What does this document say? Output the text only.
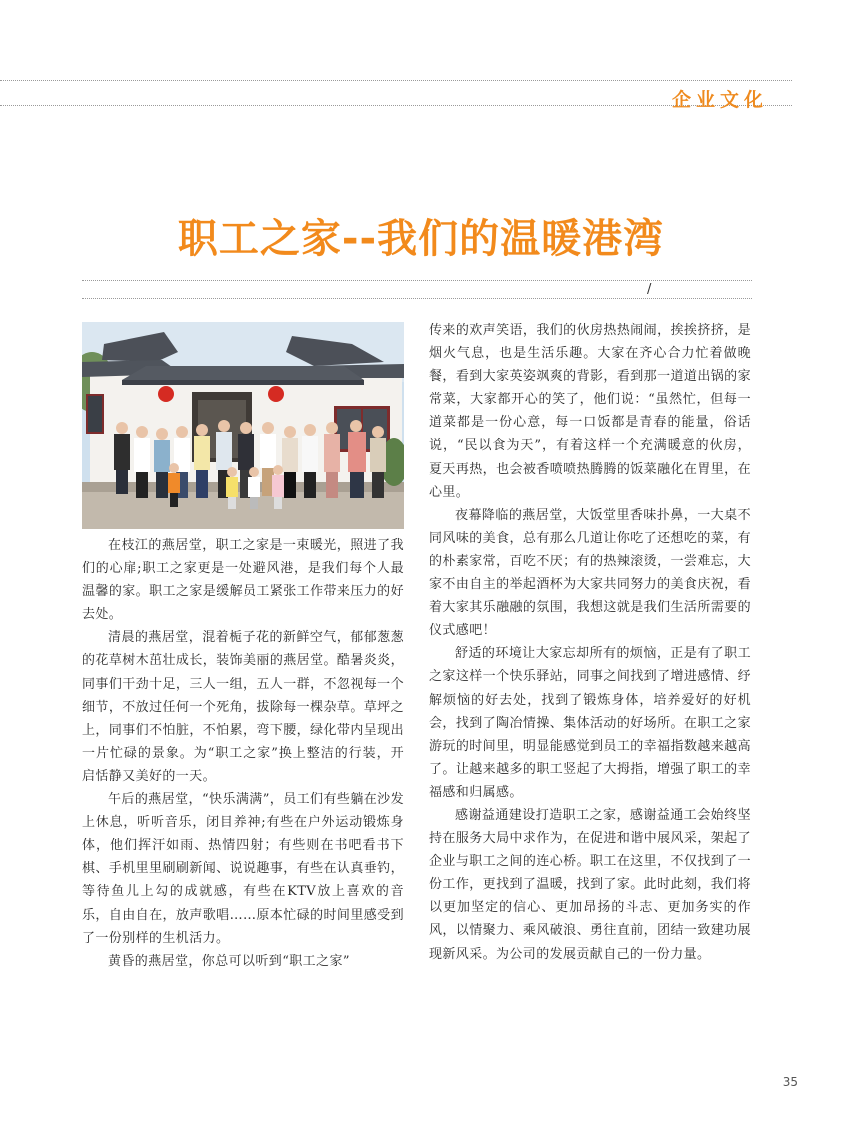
企业文化
职工之家--我们的温暖港湾
/

在枝江的燕居堂，职工之家是一束暖光，照进了我们的心扉;职工之家更是一处避风港，是我们每个人最温馨的家。职工之家是缓解员工紧张工作带来压力的好去处。

清晨的燕居堂，混着栀子花的新鲜空气，郁郁葱葱的花草树木茁壮成长，装饰美丽的燕居堂。酷暑炎炎，同事们干劲十足，三人一组，五人一群，不忽视每一个细节，不放过任何一个死角，拔除每一棵杂草。草坪之上，同事们不怕脏，不怕累，弯下腰，绿化带内呈现出一片忙碌的景象。为“职工之家”换上整洁的行装，开启恬静又美好的一天。

午后的燕居堂，“快乐满满”，员工们有些躺在沙发上休息，听听音乐，闭目养神;有些在户外运动锻炼身体，他们挥汗如雨、热情四射；有些则在书吧看书下棋、手机里里刷刷新闻、说说趣事，有些在认真垂钓，等待鱼儿上勾的成就感，有些在KTV放上喜欢的音乐，自由自在，放声歌唱……原本忙碌的时间里感受到了一份别样的生机活力。

黄昏的燕居堂，你总可以听到“职工之家”

传来的欢声笑语，我们的伙房热热闹闹，挨挨挤挤，是烟火气息，也是生活乐趣。大家在齐心合力忙着做晚餐，看到大家英姿飒爽的背影，看到那一道道出锅的家常菜，大家都开心的笑了，他们说：“虽然忙，但每一道菜都是一份心意，每一口饭都是青春的能量，俗话说，“民以食为天”，有着这样一个充满暖意的伙房，夏天再热，也会被香喷喷热腾腾的饭菜融化在胃里，在心里。

夜幕降临的燕居堂，大饭堂里香味扑鼻，一大桌不同风味的美食，总有那么几道让你吃了还想吃的菜，有的朴素家常，百吃不厌；有的热辣滚烫，一尝难忘，大家不由自主的举起酒杯为大家共同努力的美食庆祝，看着大家其乐融融的氛围，我想这就是我们生活所需要的仪式感吧！

舒适的环境让大家忘却所有的烦恼，正是有了职工之家这样一个快乐驿站，同事之间找到了增进感情、纾解烦恼的好去处，找到了锻炼身体，培养爱好的好机会，找到了陶冶情操、集体活动的好场所。在职工之家游玩的时间里，明显能感觉到员工的幸福指数越来越高了。让越来越多的职工竖起了大拇指，增强了职工的幸福感和归属感。

感谢益通建设打造职工之家，感谢益通工会始终坚持在服务大局中求作为，在促进和谐中展风采，架起了企业与职工之间的连心桥。职工在这里，不仅找到了一份工作，更找到了温暖，找到了家。此时此刻，我们将以更加坚定的信心、更加昂扬的斗志、更加务实的作风，以情聚力、乘风破浪、勇往直前，团结一致建功展现新风采。为公司的发展贡献自己的一份力量。

35
